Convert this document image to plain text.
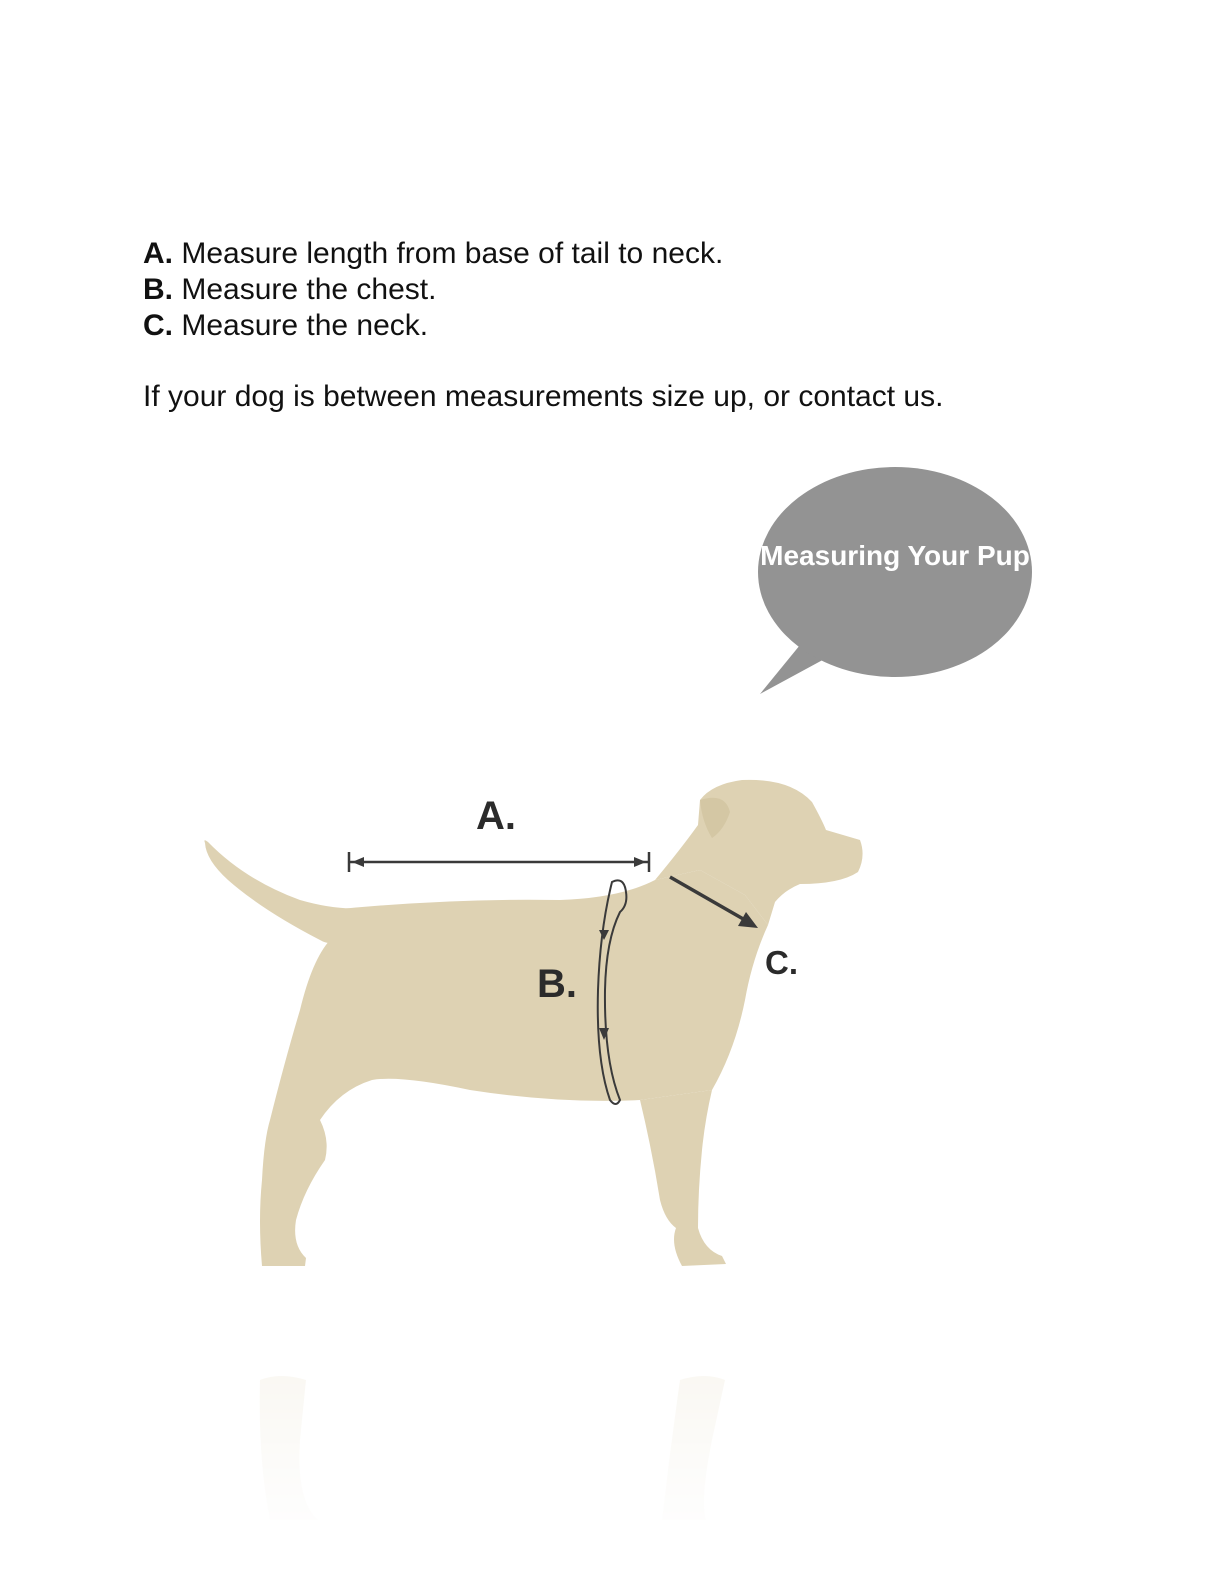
A. Measure length from base of tail to neck.
B. Measure the chest.
C. Measure the neck.
If your dog is between measurements size up, or contact us.
Measuring Your Pup
A.
B.	C.
